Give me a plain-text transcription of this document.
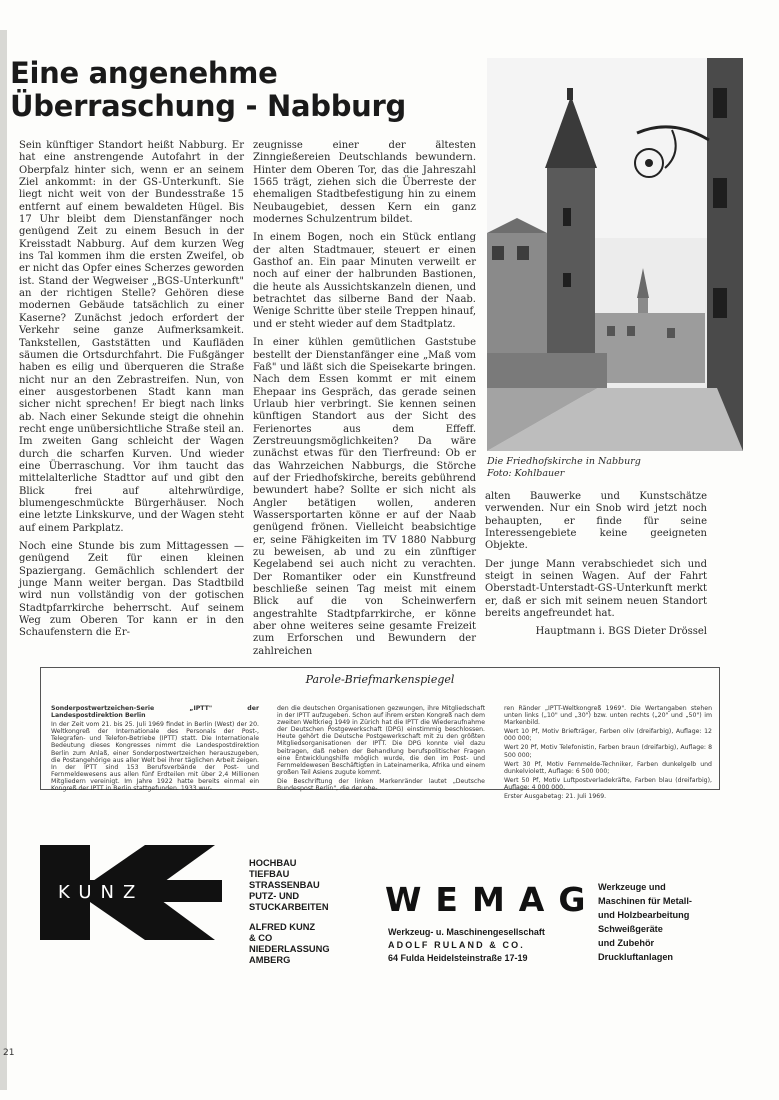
Eine angenehme Überraschung - Nabburg

Sein künftiger Standort heißt Nabburg. Er hat eine anstrengende Autofahrt in der Oberpfalz hinter sich, wenn er an seinem Ziel ankommt: in der GS-Unterkunft. Sie liegt nicht weit von der Bundesstraße 15 entfernt auf einem bewaldeten Hügel. Bis 17 Uhr bleibt dem Dienstanfänger noch genügend Zeit zu einem Besuch in der Kreisstadt Nabburg. Auf dem kurzen Weg ins Tal kommen ihm die ersten Zweifel, ob er nicht das Opfer eines Scherzes geworden ist. Stand der Wegweiser „BGS-Unterkunft" an der richtigen Stelle? Gehören diese modernen Gebäude tatsächlich zu einer Kaserne? Zunächst jedoch erfordert der Verkehr seine ganze Aufmerksamkeit. Tankstellen, Gaststätten und Kaufläden säumen die Ortsdurchfahrt. Die Fußgänger haben es eilig und überqueren die Straße nicht nur an den Zebrastreifen. Nun, von einer ausgestorbenen Stadt kann man sicher nicht sprechen! Er biegt nach links ab. Nach einer Sekunde steigt die ohnehin recht enge unübersichtliche Straße steil an. Im zweiten Gang schleicht der Wagen durch die scharfen Kurven. Und wieder eine Überraschung. Vor ihm taucht das mittelalterliche Stadttor auf und gibt den Blick frei auf altehrwürdige, blumengeschmückte Bürgerhäuser. Noch eine letzte Linkskurve, und der Wagen steht auf einem Parkplatz.

Noch eine Stunde bis zum Mittagessen — genügend Zeit für einen kleinen Spaziergang. Gemächlich schlendert der junge Mann weiter bergan. Das Stadtbild wird nun vollständig von der gotischen Stadtpfarrkirche beherrscht. Auf seinem Weg zum Oberen Tor kann er in den Schaufenstern die Er-

zeugnisse einer der ältesten Zinngießereien Deutschlands bewundern. Hinter dem Oberen Tor, das die Jahreszahl 1565 trägt, ziehen sich die Überreste der ehemaligen Stadtbefestigung hin zu einem Neubaugebiet, dessen Kern ein ganz modernes Schulzentrum bildet.

In einem Bogen, noch ein Stück entlang der alten Stadtmauer, steuert er einen Gasthof an. Ein paar Minuten verweilt er noch auf einer der halbrunden Bastionen, die heute als Aussichtskanzeln dienen, und betrachtet das silberne Band der Naab. Wenige Schritte über steile Treppen hinauf, und er steht wieder auf dem Stadtplatz.

In einer kühlen gemütlichen Gaststube bestellt der Dienstanfänger eine „Maß vom Faß" und läßt sich die Speisekarte bringen. Nach dem Essen kommt er mit einem Ehepaar ins Gespräch, das gerade seinen Urlaub hier verbringt. Sie kennen seinen künftigen Standort aus der Sicht des Ferienortes aus dem Effeff. Zerstreuungsmöglichkeiten? Da wäre zunächst etwas für den Tierfreund: Ob er das Wahrzeichen Nabburgs, die Störche auf der Friedhofskirche, bereits gebührend bewundert habe? Sollte er sich nicht als Angler betätigen wollen, anderen Wassersportarten könne er auf der Naab genügend frönen. Vielleicht beabsichtige er, seine Fähigkeiten im TV 1880 Nabburg zu beweisen, ab und zu ein zünftiger Kegelabend sei auch nicht zu verachten. Der Romantiker oder ein Kunstfreund beschließe seinen Tag meist mit einem Blick auf die von Scheinwerfern angestrahlte Stadtpfarrkirche, er könne aber ohne weiteres seine gesamte Freizeit zum Erforschen und Bewundern der zahlreichen

Die Friedhofskirche in Nabburg
Foto: Kohlbauer

alten Bauwerke und Kunstschätze verwenden. Nur ein Snob wird jetzt noch behaupten, er finde für seine Interessengebiete keine geeigneten Objekte.

Der junge Mann verabschiedet sich und steigt in seinen Wagen. Auf der Fahrt Oberstadt-Unterstadt-GS-Unterkunft merkt er, daß er sich mit seinem neuen Standort bereits angefreundet hat.

Hauptmann i. BGS Dieter Drössel
Parole-Briefmarkenspiegel

Sonderpostwertzeichen-Serie „IPTT" der Landespostdirektion Berlin

In der Zeit vom 21. bis 25. Juli 1969 findet in Berlin (West) der 20. Weltkongreß der Internationale des Personals der Post-, Telegrafen- und Telefon-Betriebe (IPTT) statt. Die Internationale Bedeutung dieses Kongresses nimmt die Landespostdirektion Berlin zum Anlaß, einer Sonderpostwertzeichen herauszugeben, die Postangehörige aus aller Welt bei ihrer täglichen Arbeit zeigen. In der IPTT sind 153 Berufsverbände der Post- und Fernmeldewesens aus allen fünf Erdteilen mit über 2,4 Millionen Mitgliedern vereinigt. Im Jahre 1922 hatte bereits einmal ein Kongreß der IPTT in Berlin stattgefunden. 1933 wur-

den die deutschen Organisationen gezwungen, ihre Mitgliedschaft in der IPTT aufzugeben. Schon auf ihrem ersten Kongreß nach dem zweiten Weltkrieg 1949 in Zürich hat die IPTT die Wiederaufnahme der Deutschen Postgewerkschaft (DPG) einstimmig beschlossen. Heute gehört die Deutsche Postgewerkschaft mit zu den größten Mitgliedsorganisationen der IPTT. Die DPG konnte viel dazu beitragen, daß neben der Behandlung berufspolitischer Fragen eine Entwicklungshilfe möglich wurde, die den im Post- und Fernmeldewesen Beschäftigten in Lateinamerika, Afrika und einem großen Teil Asiens zugute kommt.

Die Beschriftung der linken Markenränder lautet „Deutsche Bundespost Berlin", die der obe-

ren Ränder „IPTT-Weltkongreß 1969". Die Wertangaben stehen unten links („10" und „30") bzw. unten rechts („20" und „50") im Markenbild.

Wert 10 Pf, Motiv Briefträger, Farben oliv (dreifarbig), Auflage: 12 000 000;

Wert 20 Pf, Motiv Telefonistin, Farben braun (dreifarbig), Auflage: 8 500 000;

Wert 30 Pf, Motiv Fernmelde-Techniker, Farben dunkelgelb und dunkelviolett, Auflage: 6 500 000;

Wert 50 Pf, Motiv Luftpostverladekräfte, Farben blau (dreifarbig), Auflage: 4 000 000.

Erster Ausgabetag: 21. Juli 1969.

KUNZ

HOCHBAU

TIEFBAU

STRASSENBAU

PUTZ- UND

STUCKARBEITEN

ALFRED KUNZ

& CO

NIEDERLASSUNG

AMBERG

WEMAG
Werkzeug- u. Maschinengesellschaft
ADOLF RULAND & CO.
64 Fulda Heidelsteinstraße 17-19
Werkzeuge und
Maschinen für Metall-
und Holzbearbeitung
Schweißgeräte
und Zubehör
Druckluftanlagen
21
